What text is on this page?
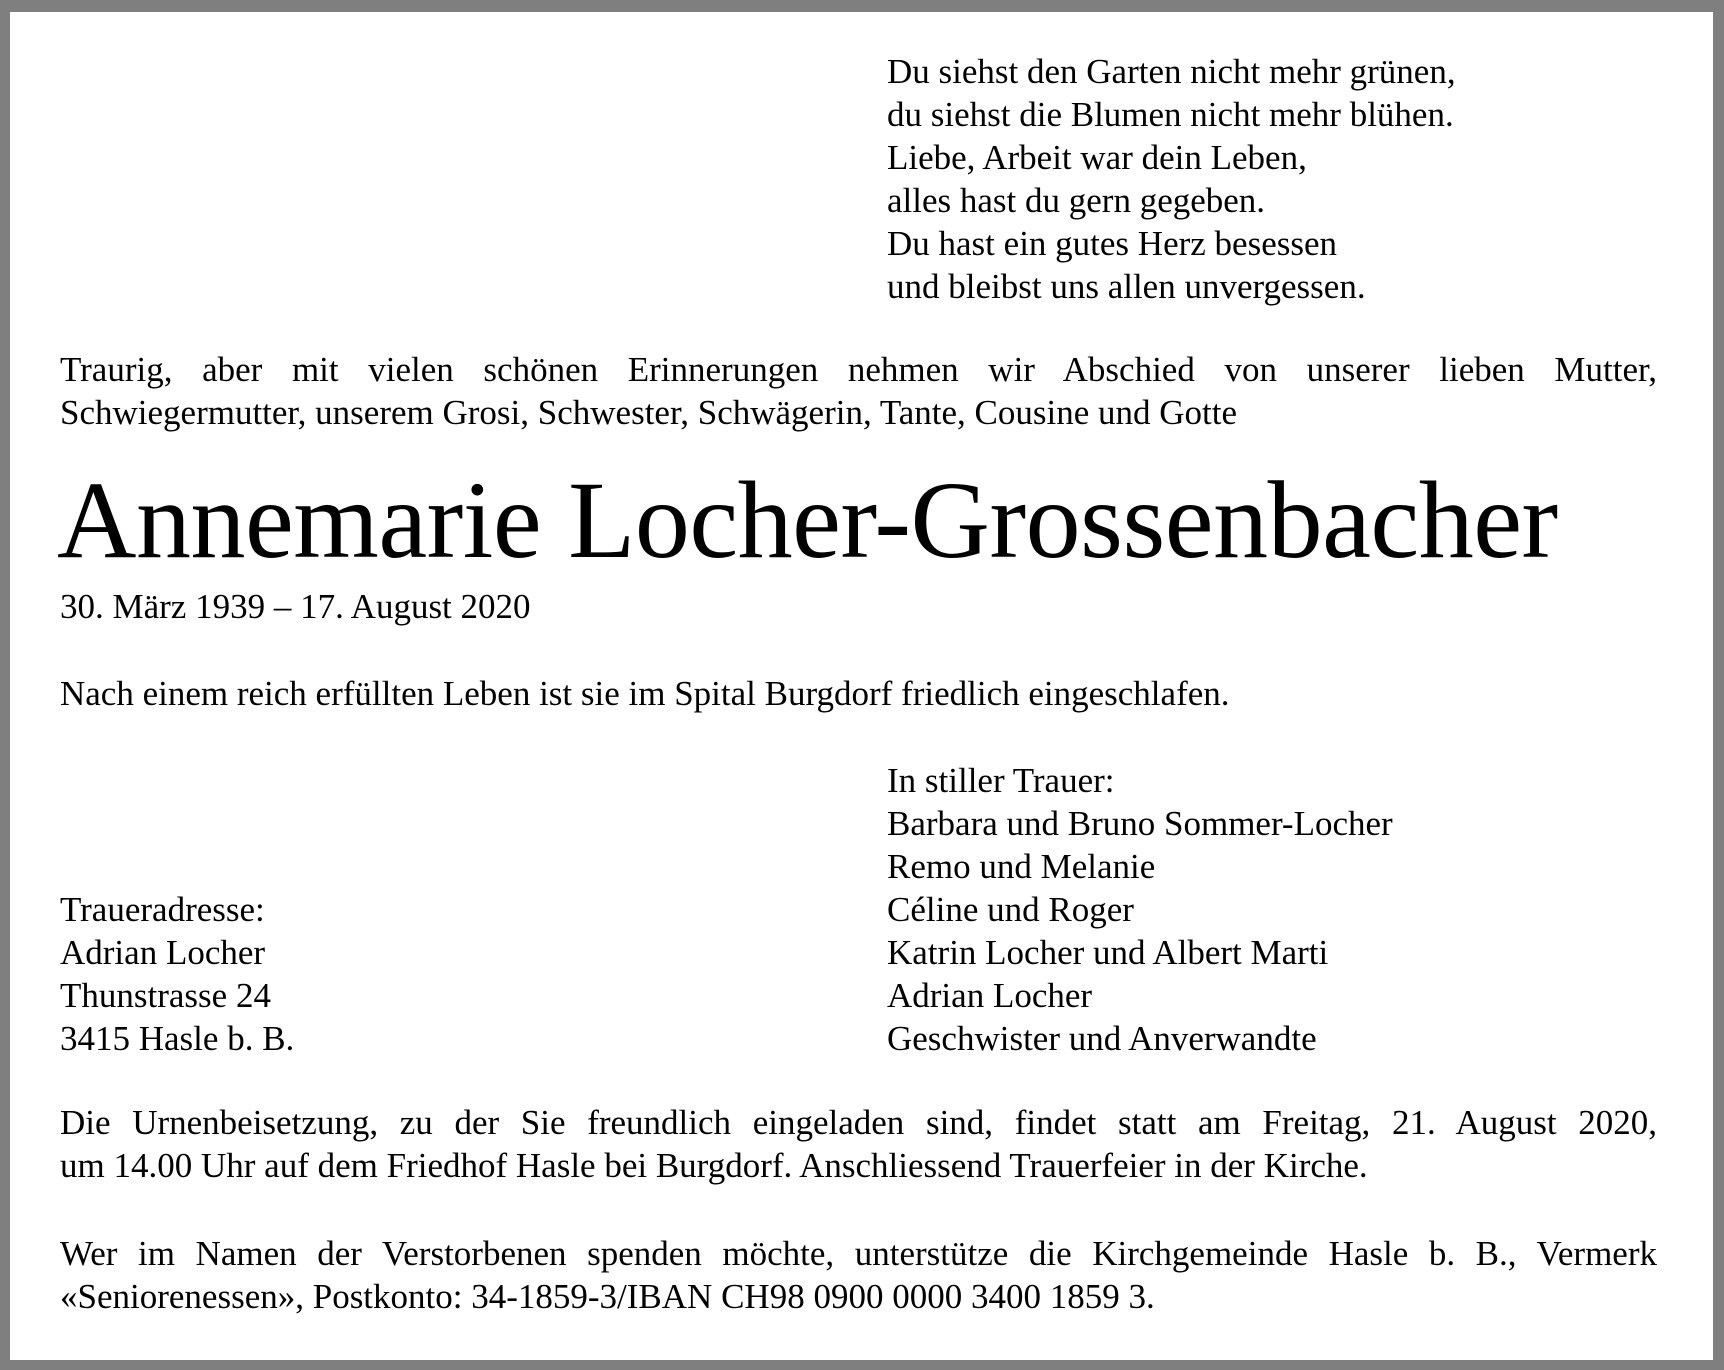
Du siehst den Garten nicht mehr grünen,
du siehst die Blumen nicht mehr blühen.
Liebe, Arbeit war dein Leben,
alles hast du gern gegeben.
Du hast ein gutes Herz besessen
und bleibst uns allen unvergessen.
Traurig, aber mit vielen schönen Erinnerungen nehmen wir Abschied von unserer lieben Mutter,
Schwiegermutter, unserem Grosi, Schwester, Schwägerin, Tante, Cousine und Gotte
Annemarie Locher-Grossenbacher
30. März 1939 – 17. August 2020
Nach einem reich erfüllten Leben ist sie im Spital Burgdorf friedlich eingeschlafen.
In stiller Trauer:
Barbara und Bruno Sommer-Locher
Remo und Melanie
Céline und Roger
Katrin Locher und Albert Marti
Adrian Locher
Geschwister und Anverwandte
Traueradresse:
Adrian Locher
Thunstrasse 24
3415 Hasle b. B.
Die Urnenbeisetzung, zu der Sie freundlich eingeladen sind, findet statt am Freitag, 21. August 2020,
um 14.00 Uhr auf dem Friedhof Hasle bei Burgdorf. Anschliessend Trauerfeier in der Kirche.
Wer im Namen der Verstorbenen spenden möchte, unterstütze die Kirchgemeinde Hasle b. B., Vermerk
«Seniorenessen», Postkonto: 34-1859-3/IBAN CH98 0900 0000 3400 1859 3.
